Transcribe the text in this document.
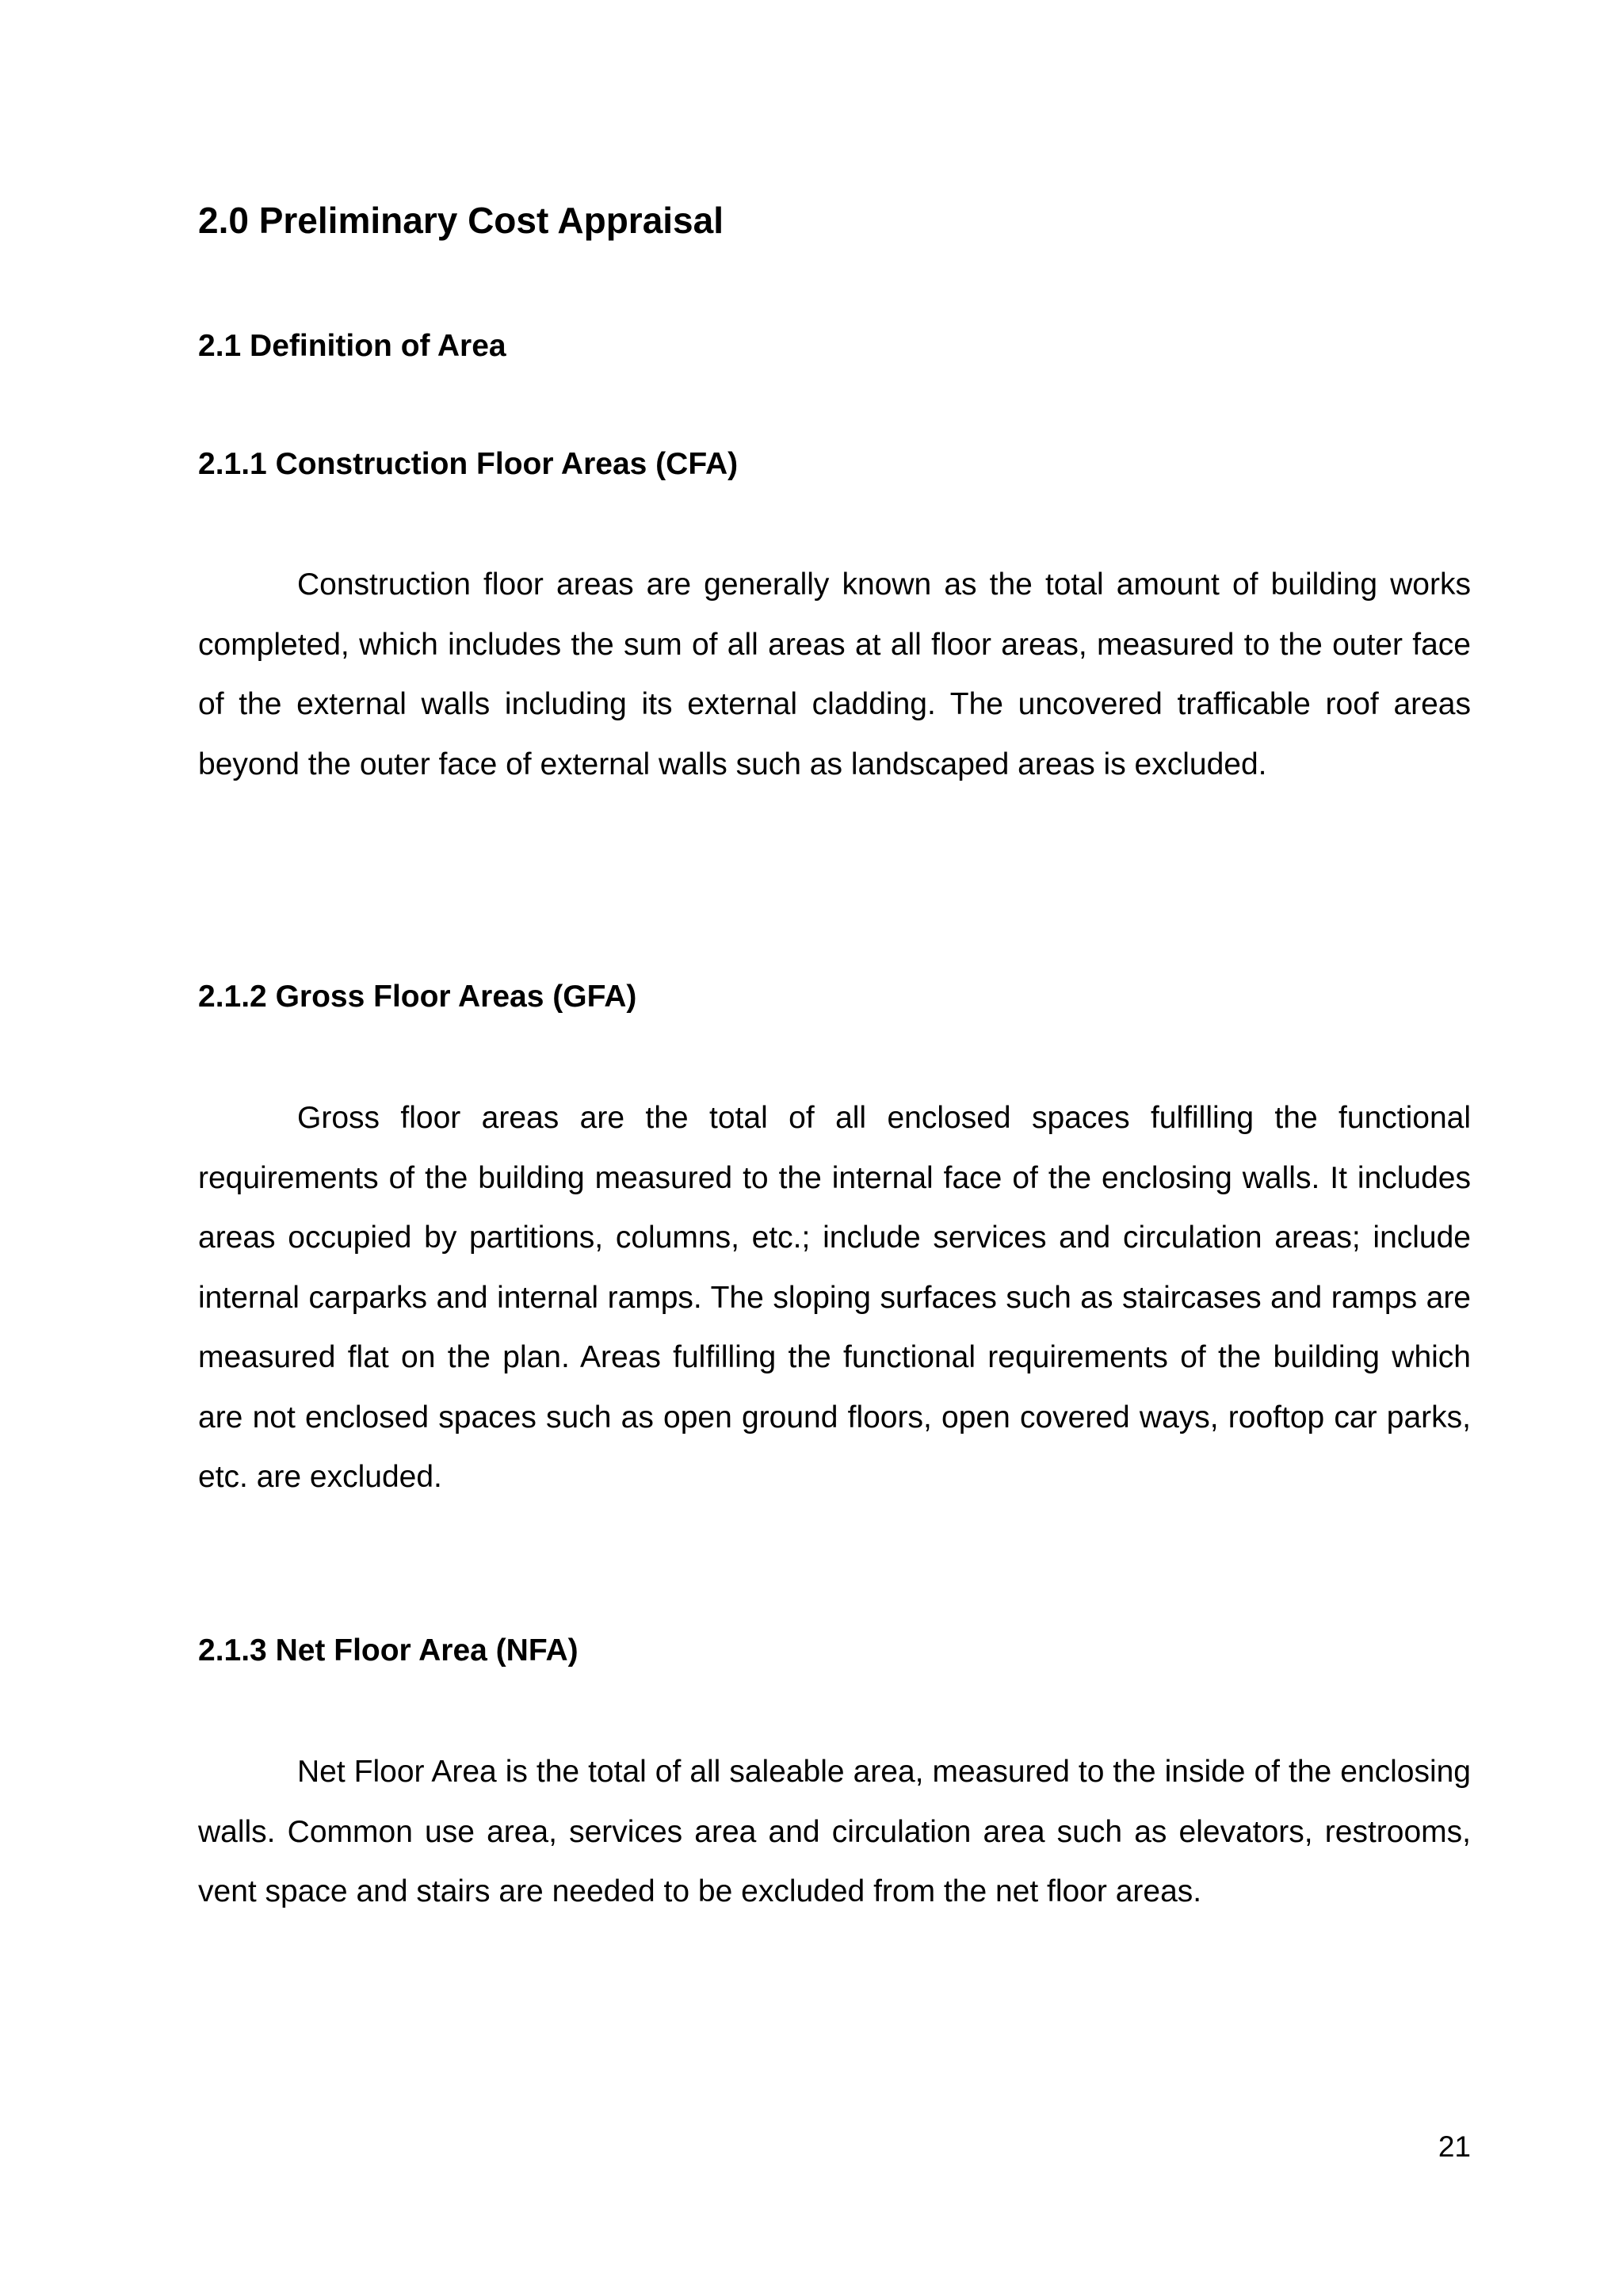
2.0 Preliminary Cost Appraisal
2.1 Definition of Area
2.1.1 Construction Floor Areas (CFA)

Construction floor areas are generally known as the total amount of building works completed, which includes the sum of all areas at all floor areas, measured to the outer face of the external walls including its external cladding. The uncovered trafficable roof areas beyond the outer face of external walls such as landscaped areas is excluded.

2.1.2 Gross Floor Areas (GFA)

Gross floor areas are the total of all enclosed spaces fulfilling the functional requirements of the building measured to the internal face of the enclosing walls. It includes areas occupied by partitions, columns, etc.; include services and circulation areas; include internal carparks and internal ramps. The sloping surfaces such as staircases and ramps are measured flat on the plan. Areas fulfilling the functional requirements of the building which are not enclosed spaces such as open ground floors, open covered ways, rooftop car parks, etc. are excluded.

2.1.3 Net Floor Area (NFA)

Net Floor Area is the total of all saleable area, measured to the inside of the enclosing walls. Common use area, services area and circulation area such as elevators, restrooms, vent space and stairs are needed to be excluded from the net floor areas.

21
